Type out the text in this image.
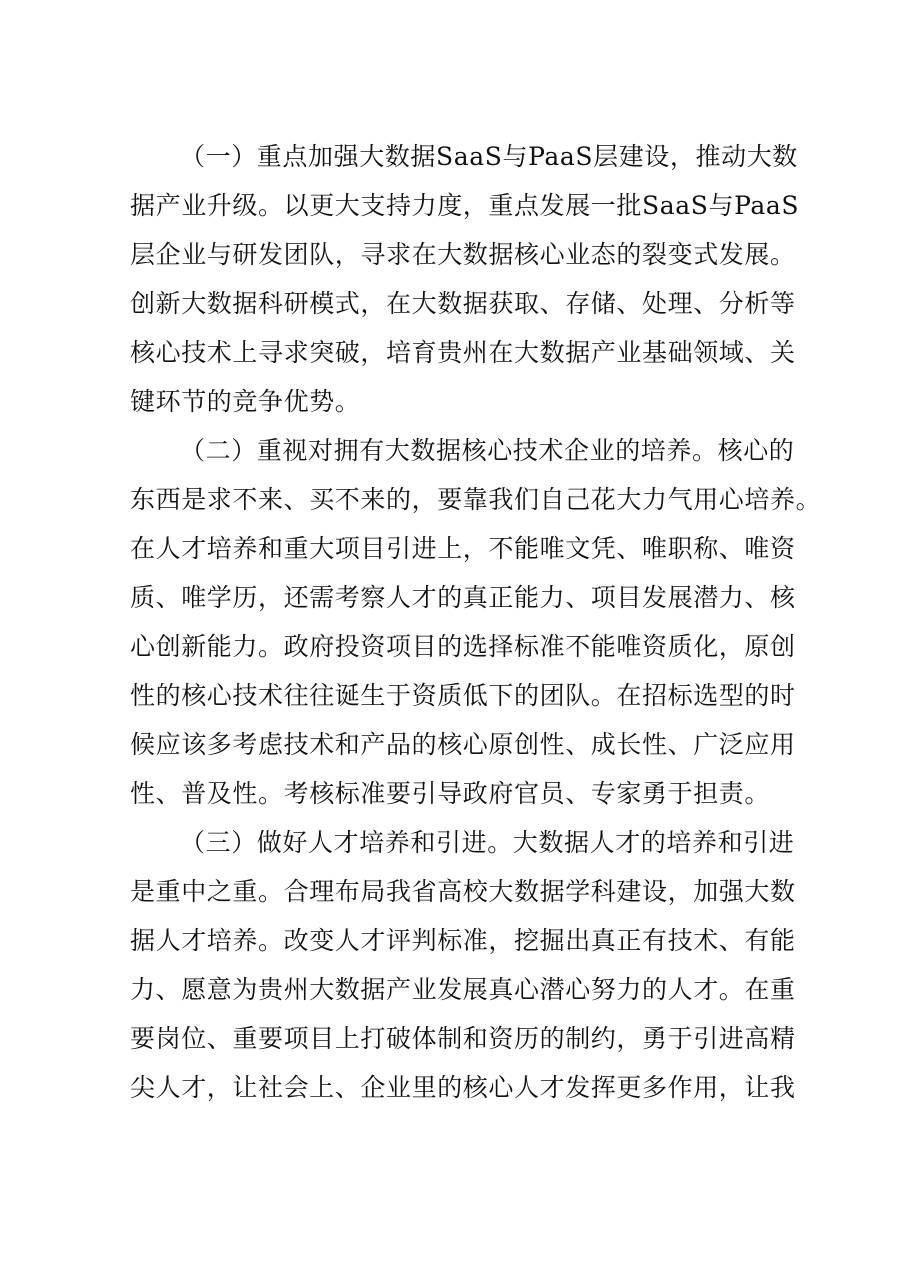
（一）重点加强大数据SaaS与PaaS层建设，推动大数
据产业升级。以更大支持力度，重点发展一批SaaS与PaaS
层企业与研发团队，寻求在大数据核心业态的裂变式发展。
创新大数据科研模式，在大数据获取、存储、处理、分析等
核心技术上寻求突破，培育贵州在大数据产业基础领域、关
键环节的竞争优势。
（二）重视对拥有大数据核心技术企业的培养。核心的
东西是求不来、买不来的，要靠我们自己花大力气用心培养。
在人才培养和重大项目引进上，不能唯文凭、唯职称、唯资
质、唯学历，还需考察人才的真正能力、项目发展潜力、核
心创新能力。政府投资项目的选择标准不能唯资质化，原创
性的核心技术往往诞生于资质低下的团队。在招标选型的时
候应该多考虑技术和产品的核心原创性、成长性、广泛应用
性、普及性。考核标准要引导政府官员、专家勇于担责。
（三）做好人才培养和引进。大数据人才的培养和引进
是重中之重。合理布局我省高校大数据学科建设，加强大数
据人才培养。改变人才评判标准，挖掘出真正有技术、有能
力、愿意为贵州大数据产业发展真心潜心努力的人才。在重
要岗位、重要项目上打破体制和资历的制约，勇于引进高精
尖人才，让社会上、企业里的核心人才发挥更多作用，让我
